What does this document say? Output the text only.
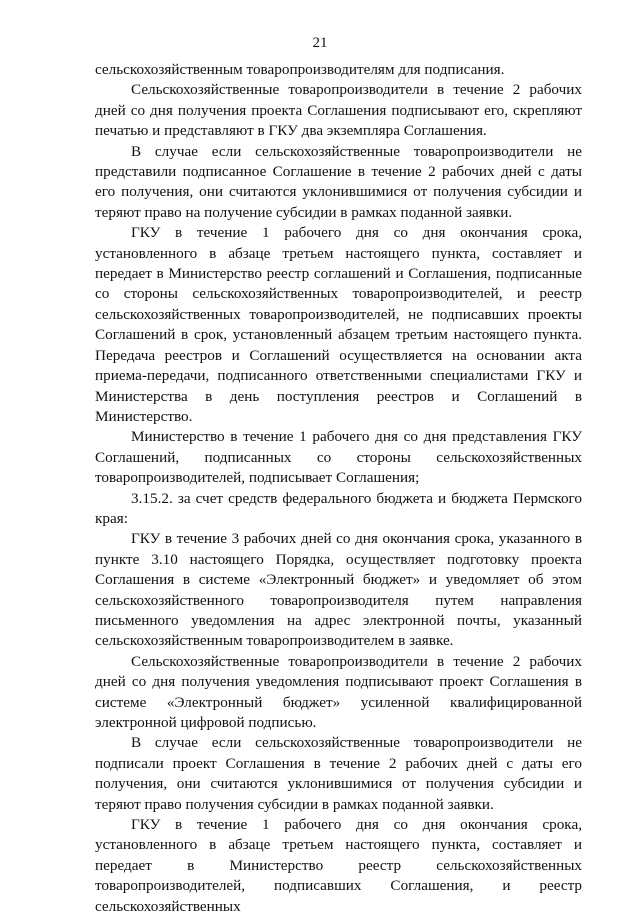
21

сельскохозяйственным товаропроизводителям для подписания.

Сельскохозяйственные товаропроизводители в течение 2 рабочих дней со дня получения проекта Соглашения подписывают его, скрепляют печатью и представляют в ГКУ два экземпляра Соглашения.

В случае если сельскохозяйственные товаропроизводители не представили подписанное Соглашение в течение 2 рабочих дней с даты его получения, они считаются уклонившимися от получения субсидии и теряют право на получение субсидии в рамках поданной заявки.

ГКУ в течение 1 рабочего дня со дня окончания срока, установленного в абзаце третьем настоящего пункта, составляет и передает в Министерство реестр соглашений и Соглашения, подписанные со стороны сельскохозяйственных товаропроизводителей, и реестр сельскохозяйственных товаропроизводителей, не подписавших проекты Соглашений в срок, установленный абзацем третьим настоящего пункта. Передача реестров и Соглашений осуществляется на основании акта приема-передачи, подписанного ответственными специалистами ГКУ и Министерства в день поступления реестров и Соглашений в Министерство.

Министерство в течение 1 рабочего дня со дня представления ГКУ Соглашений, подписанных со стороны сельскохозяйственных товаропроизводителей, подписывает Соглашения;

3.15.2. за счет средств федерального бюджета и бюджета Пермского края:

ГКУ в течение 3 рабочих дней со дня окончания срока, указанного в пункте 3.10 настоящего Порядка, осуществляет подготовку проекта Соглашения в системе «Электронный бюджет» и уведомляет об этом сельскохозяйственного товаропроизводителя путем направления письменного уведомления на адрес электронной почты, указанный сельскохозяйственным товаропроизводителем в заявке.

Сельскохозяйственные товаропроизводители в течение 2 рабочих дней со дня получения уведомления подписывают проект Соглашения в системе «Электронный бюджет» усиленной квалифицированной электронной цифровой подписью.

В случае если сельскохозяйственные товаропроизводители не подписали проект Соглашения в течение 2 рабочих дней с даты его получения, они считаются уклонившимися от получения субсидии и теряют право получения субсидии в рамках поданной заявки.

ГКУ в течение 1 рабочего дня со дня окончания срока, установленного в абзаце третьем настоящего пункта, составляет и передает в Министерство реестр сельскохозяйственных товаропроизводителей, подписавших Соглашения, и реестр сельскохозяйственных
